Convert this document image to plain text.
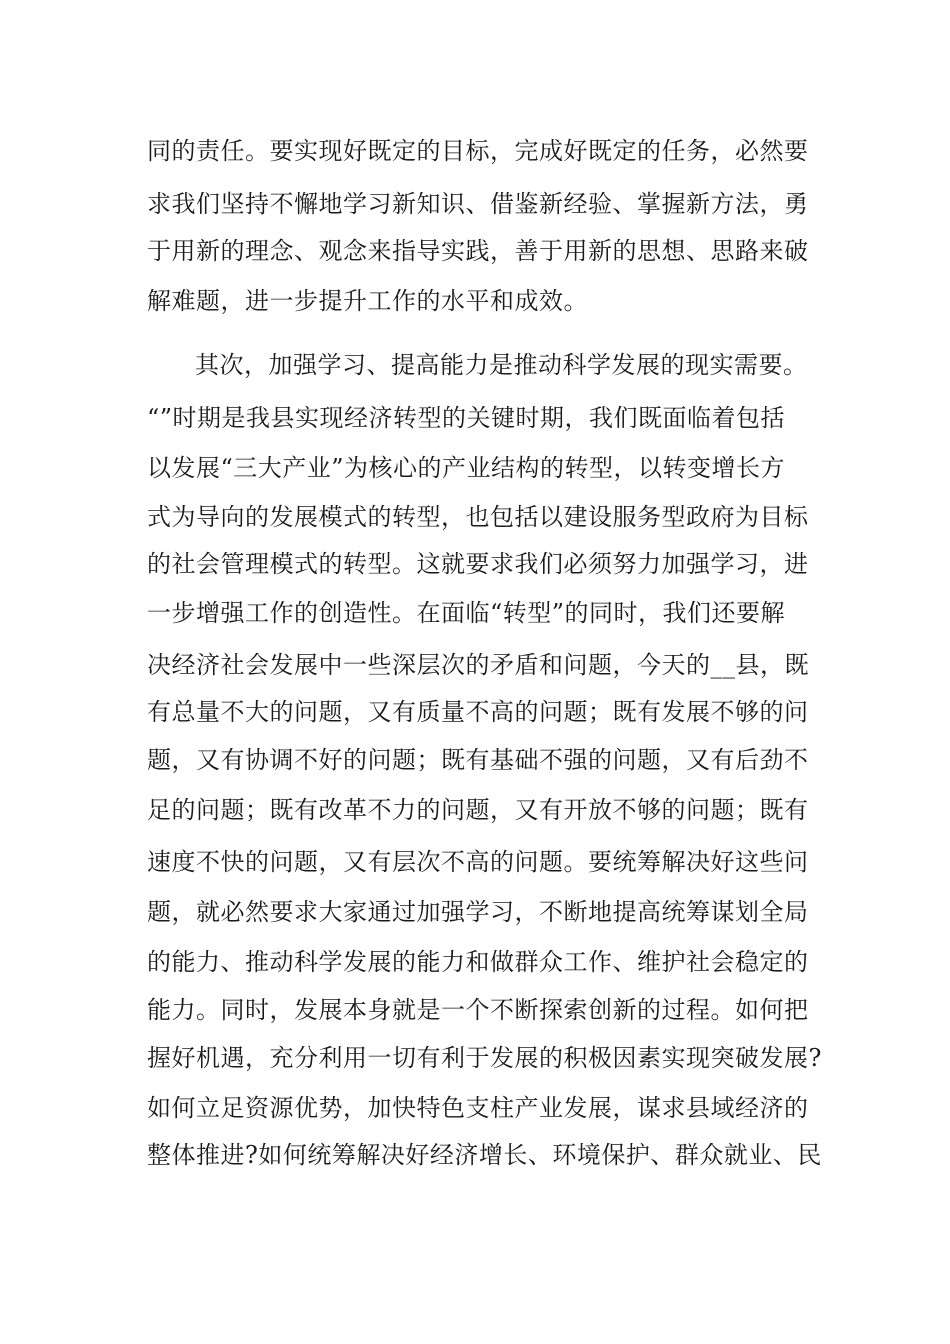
同的责任。要实现好既定的目标，完成好既定的任务，必然要
求我们坚持不懈地学习新知识、借鉴新经验、掌握新方法，勇
于用新的理念、观念来指导实践，善于用新的思想、思路来破
解难题，进一步提升工作的水平和成效。
其次，加强学习、提高能力是推动科学发展的现实需要。
“”时期是我县实现经济转型的关键时期，我们既面临着包括
以发展“三大产业”为核心的产业结构的转型，以转变增长方
式为导向的发展模式的转型，也包括以建设服务型政府为目标
的社会管理模式的转型。这就要求我们必须努力加强学习，进
一步增强工作的创造性。在面临“转型”的同时，我们还要解
决经济社会发展中一些深层次的矛盾和问题，今天的__县，既
有总量不大的问题，又有质量不高的问题；既有发展不够的问
题，又有协调不好的问题；既有基础不强的问题，又有后劲不
足的问题；既有改革不力的问题，又有开放不够的问题；既有
速度不快的问题，又有层次不高的问题。要统筹解决好这些问
题，就必然要求大家通过加强学习，不断地提高统筹谋划全局
的能力、推动科学发展的能力和做群众工作、维护社会稳定的
能力。同时，发展本身就是一个不断探索创新的过程。如何把
握好机遇，充分利用一切有利于发展的积极因素实现突破发展?
如何立足资源优势，加快特色支柱产业发展，谋求县域经济的
整体推进?如何统筹解决好经济增长、环境保护、群众就业、民
